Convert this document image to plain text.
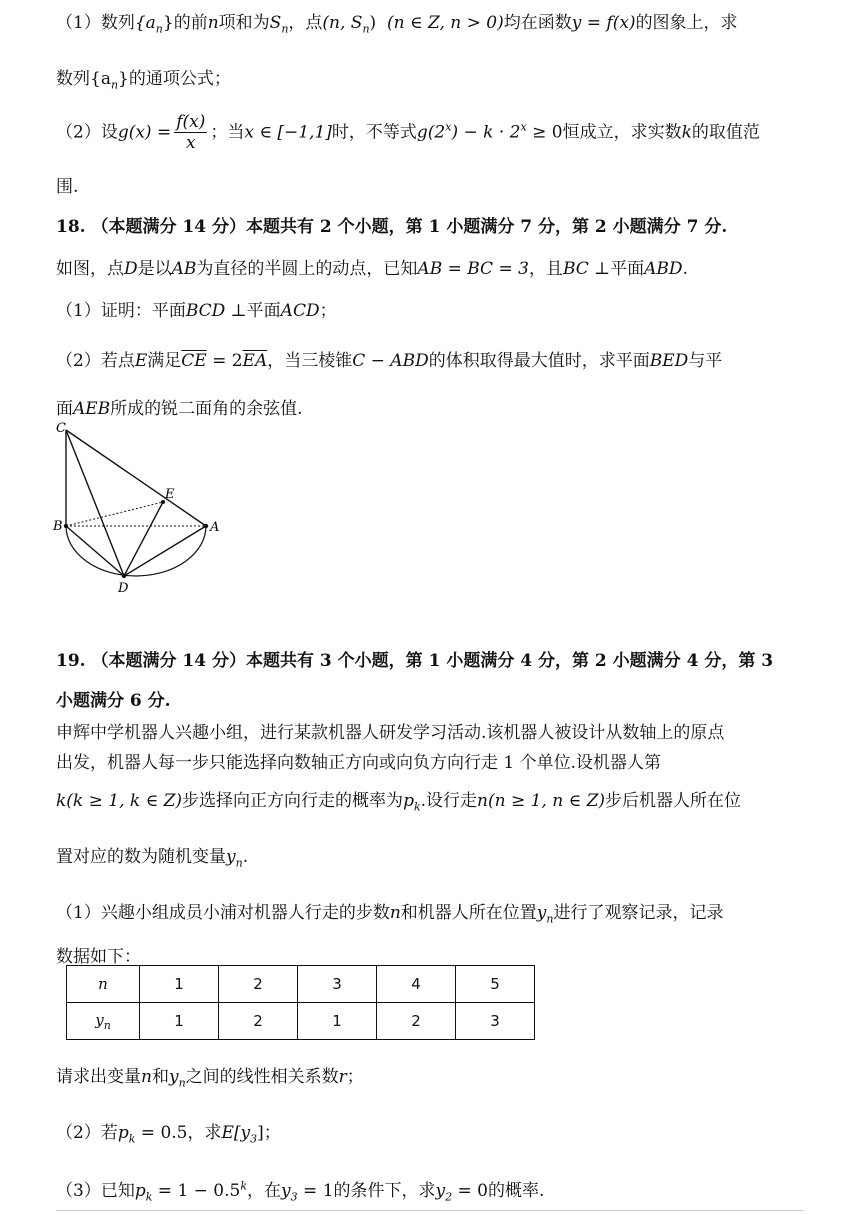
（1）数列$\{a_n\}$的前n项和为$S_n$，点(n, $S_n$) (n ∈ Z, n > 0)均在函数y = f(x)的图象上，求
数列$\{a_n\}$的通项公式；
（2）设$g(x) = \frac{f(x)}{x}$ ；当x ∈ [−1,1]时，不等式$g(2^x) - k \cdot 2^x \ge 0$恒成立，求实数k的取值范
围.
18. （本题满分 14 分）本题共有 2 个小题，第 1 小题满分 7 分，第 2 小题满分 7 分.
如图，点D是以AB为直径的半圆上的动点，已知AB = BC = 3，且BC ⊥平面ABD.
（1）证明：平面BCD ⊥平面ACD；
（2）若点E满足$\overline{CE} = 2\overline{EA}$，当三棱锥C − ABD的体积取得最大值时，求平面BED与平
面AEB所成的锐二面角的余弦值.
C
E
B	A
D
19. （本题满分 14 分）本题共有 3 个小题，第 1 小题满分 4 分，第 2 小题满分 4 分，第 3
小题满分 6 分.
申辉中学机器人兴趣小组，进行某款机器人研发学习活动.该机器人被设计从数轴上的原点
出发，机器人每一步只能选择向数轴正方向或向负方向行走 1 个单位.设机器人第
k(k ≥ 1, k ∈ Z)步选择向正方向行走的概率为$p_k$.设行走n(n ≥ 1, n ∈ Z)步后机器人所在位
置对应的数为随机变量$y_n$.
（1）兴趣小组成员小浦对机器人行走的步数n和机器人所在位置$y_n$进行了观察记录，记录
数据如下：
n	1	2	3	4	5
$y_n$	1	2	1	2	3
请求出变量n和$y_n$之间的线性相关系数r；
（2）若$p_k = 0.5$，求$E[y_3]$；
（3）已知$p_k = 1 - 0.5^k$，在$y_3 = 1$的条件下，求$y_2 = 0$的概率.
